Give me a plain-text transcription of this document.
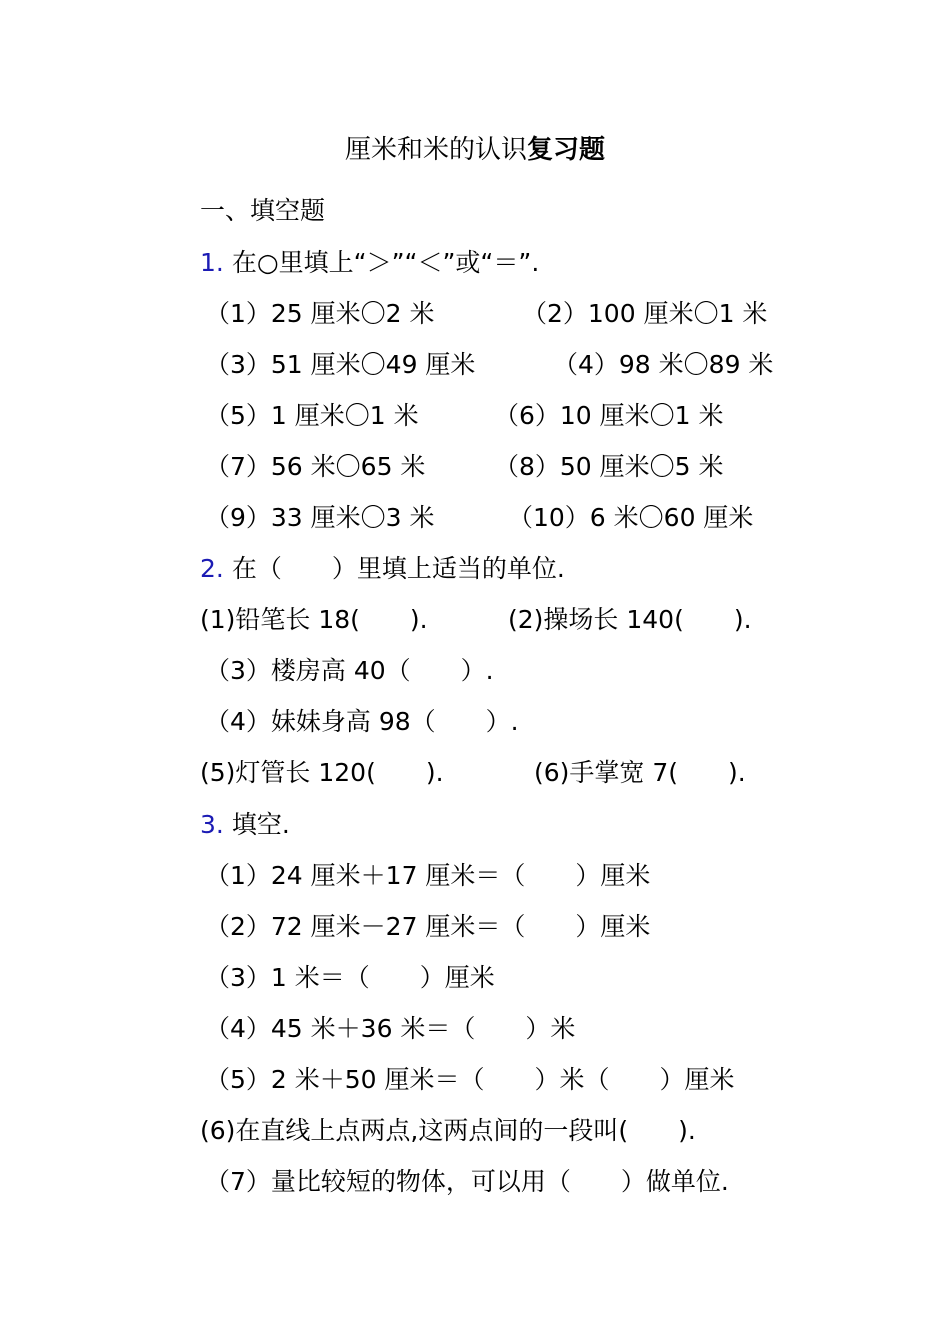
厘米和米的认识复习题
一、填空题
1. 在○里填上“＞”“＜”或“＝”.
（1）25 厘米〇2 米	（2）100 厘米〇1 米
（3）51 厘米〇49 厘米	（4）98 米〇89 米
（5）1 厘米〇1 米	（6）10 厘米〇1 米
（7）56 米〇65 米	（8）50 厘米〇5 米
（9）33 厘米〇3 米	（10）6 米〇60 厘米
2. 在（　　）里填上适当的单位.
(1)铅笔长 18(　　).	(2)操场长 140(　　).
（3）楼房高 40（　　）.
（4）妹妹身高 98（　　）.
(5)灯管长 120(　　).	(6)手掌宽 7(　　).
3. 填空.
（1）24 厘米＋17 厘米＝（　　）厘米
（2）72 厘米－27 厘米＝（　　）厘米
（3）1 米＝（　　）厘米
（4）45 米＋36 米＝（　　）米
（5）2 米＋50 厘米＝（　　）米（　　）厘米
(6)在直线上点两点,这两点间的一段叫(　　).
（7）量比较短的物体，可以用（　　）做单位.
